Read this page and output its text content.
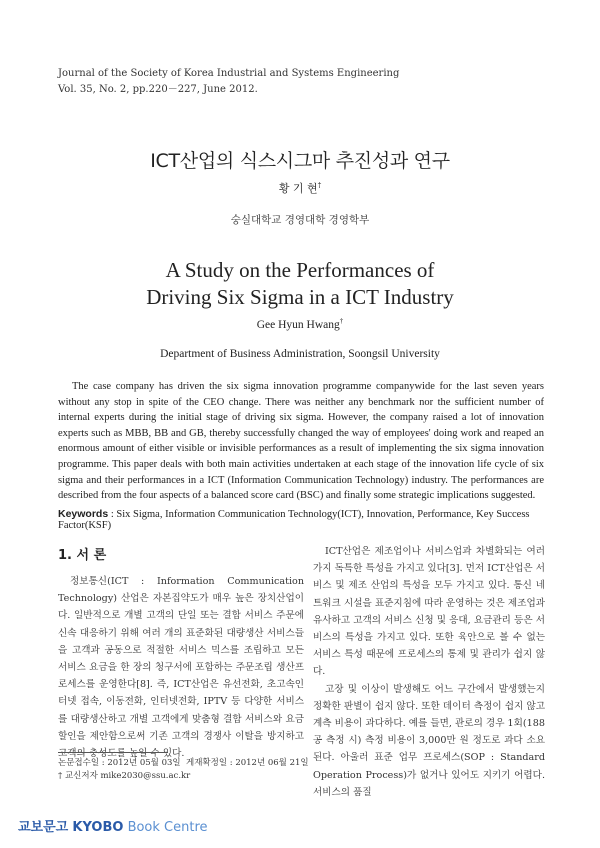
Journal of the Society of Korea Industrial and Systems Engineering
Vol. 35, No. 2, pp.220－227, June 2012.
ICT산업의 식스시그마 추진성과 연구
황 기 현†
숭실대학교 경영대학 경영학부
A Study on the Performances of
Driving Six Sigma in a ICT Industry
Gee Hyun Hwang†
Department of Business Administration, Soongsil University
The case company has driven the six sigma innovation programme companywide for the last seven years without any stop in spite of the CEO change. There was neither any benchmark nor the sufficient number of internal experts during the initial stage of driving six sigma. However, the company raised a lot of innovation experts such as MBB, BB and GB, thereby successfully changed the way of employees' doing work and reaped an enormous amount of either visible or invisible performances as a result of implementing the six sigma innovation programme. This paper deals with both main activities undertaken at each stage of the innovation life cycle of six sigma and their performances in a ICT (Information Communication Technology) industry. The performances are described from the four aspects of a balanced score card (BSC) and finally some strategic implications suggested.
Keywords : Six Sigma, Information Communication Technology(ICT), Innovation, Performance, Key Success Factor(KSF)
1. 서 론
정보통신(ICT : Information Communication Technology) 산업은 자본집약도가 매우 높은 장치산업이다. 일반적으로 개별 고객의 단일 또는 결합 서비스 주문에 신속 대응하기 위해 여러 개의 표준화된 대량생산 서비스들을 고객과 공동으로 적절한 서비스 믹스를 조립하고 모든 서비스 요금을 한 장의 청구서에 포함하는 주문조립 생산프로세스를 운영한다[8]. 즉, ICT산업은 유선전화, 초고속인터넷 접속, 이동전화, 인터넷전화, IPTV 등 다양한 서비스를 대량생산하고 개별 고객에게 맞춤형 결합 서비스와 요금할인을 제안함으로써 기존 고객의 경쟁사 이탈을 방지하고 고객의 충성도를 높일 수 있다.

ICT산업은 제조업이나 서비스업과 차별화되는 여러 가지 독특한 특성을 가지고 있다[3]. 먼저 ICT산업은 서비스 및 제조 산업의 특성을 모두 가지고 있다. 통신 네트워크 시설을 표준지침에 따라 운영하는 것은 제조업과 유사하고 고객의 서비스 신청 및 응대, 요금관리 등은 서비스의 특성을 가지고 있다. 또한 육안으로 볼 수 없는 서비스 특성 때문에 프로세스의 통제 및 관리가 쉽지 않다.

고장 및 이상이 발생해도 어느 구간에서 발생했는지 정확한 판별이 쉽지 않다. 또한 데이터 측정이 쉽지 않고 계측 비용이 과다하다. 예를 들면, 관로의 경우 1회(188공 측정 시) 측정 비용이 3,000만 원 정도로 과다 소요된다. 아울러 표준 업무 프로세스(SOP : Standard Operation Process)가 없거나 있어도 지키기 어렵다. 서비스의 품질

논문접수일 : 2012년 05월 03일 게재확정일 : 2012년 06월 21일
† 교신저자 mike2030@ssu.ac.kr
교보문고 KYOBO Book Centre
